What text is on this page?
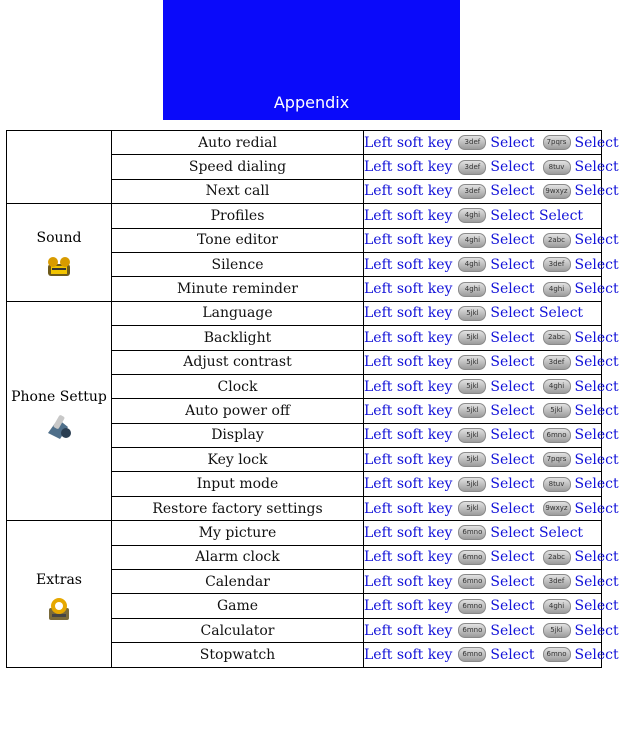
Appendix
	Auto redial	Left soft key 3def Select 7pqrs Select
	Speed dialing	Left soft key 3def Select 8tuv Select
	Next call	Left soft key 3def Select 9wxyz Select

Sound	Profiles	Left soft key 4ghi Select Select
	Tone editor	Left soft key 4ghi Select 2abc Select
	Silence	Left soft key 4ghi Select 3def Select
	Minute reminder	Left soft key 4ghi Select 4ghi Select

Phone Settup	Language	Left soft key 5jkl Select Select
	Backlight	Left soft key 5jkl Select 2abc Select
	Adjust contrast	Left soft key 5jkl Select 3def Select
	Clock	Left soft key 5jkl Select 4ghi Select
	Auto power off	Left soft key 5jkl Select 5jkl Select
	Display	Left soft key 5jkl Select 6mno Select
	Key lock	Left soft key 5jkl Select 7pqrs Select
	Input mode	Left soft key 5jkl Select 8tuv Select
	Restore factory settings	Left soft key 5jkl Select 9wxyz Select

Extras	My picture	Left soft key 6mno Select Select
	Alarm clock	Left soft key 6mno Select 2abc Select
	Calendar	Left soft key 6mno Select 3def Select
	Game	Left soft key 6mno Select 4ghi Select
	Calculator	Left soft key 6mno Select 5jkl Select
	Stopwatch	Left soft key 6mno Select 6mno Select
